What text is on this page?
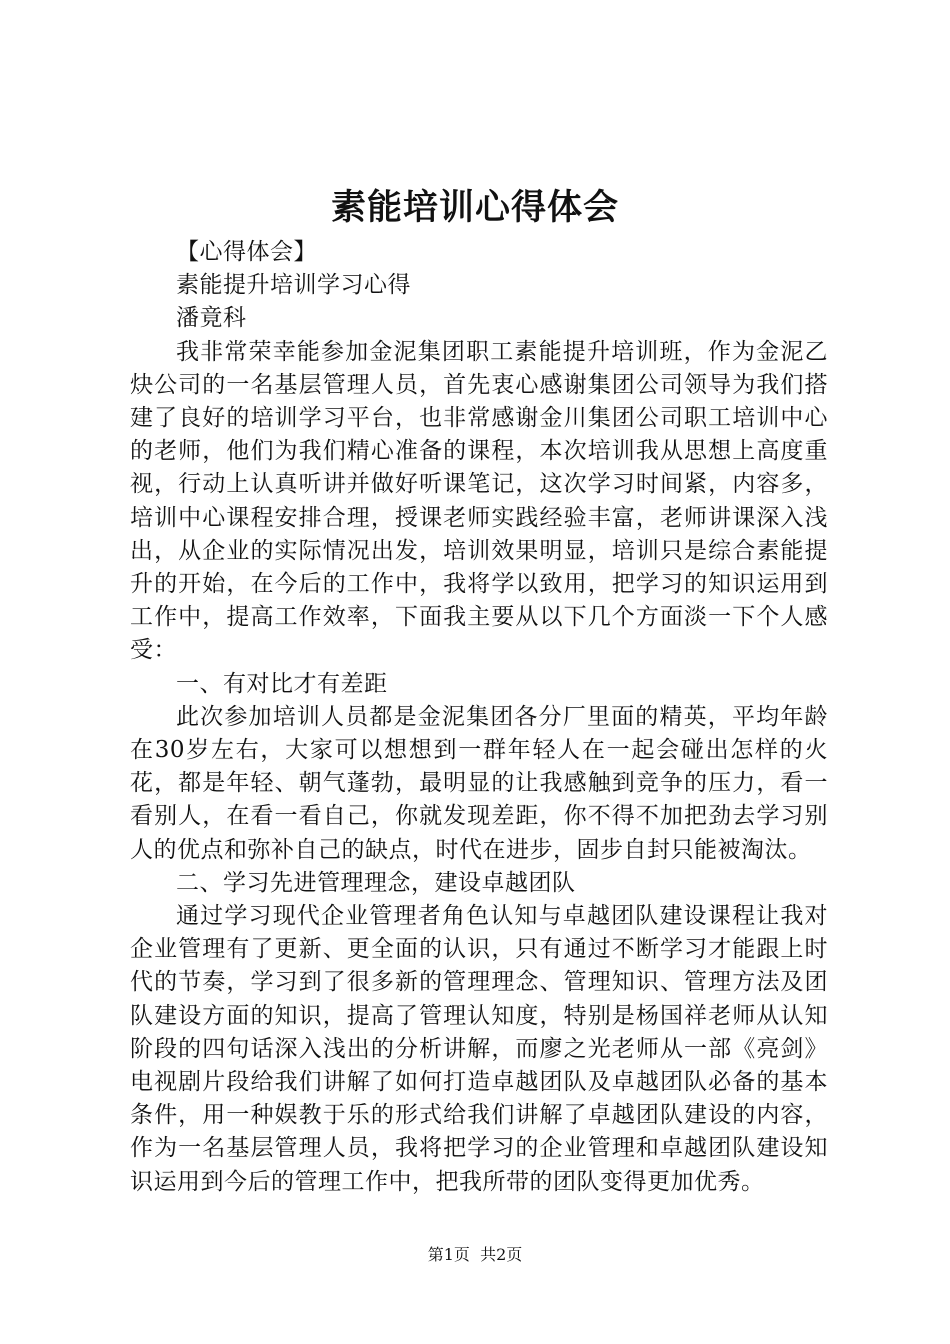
素能培训心得体会

【心得体会】

素能提升培训学习心得

潘竟科

我非常荣幸能参加金泥集团职工素能提升培训班，作为金泥乙炔公司的一名基层管理人员，首先衷心感谢集团公司领导为我们搭建了良好的培训学习平台，也非常感谢金川集团公司职工培训中心的老师，他们为我们精心准备的课程，本次培训我从思想上高度重视，行动上认真听讲并做好听课笔记，这次学习时间紧，内容多，培训中心课程安排合理，授课老师实践经验丰富，老师讲课深入浅出，从企业的实际情况出发，培训效果明显，培训只是综合素能提升的开始，在今后的工作中，我将学以致用，把学习的知识运用到工作中，提高工作效率，下面我主要从以下几个方面淡一下个人感受：

一、有对比才有差距

此次参加培训人员都是金泥集团各分厂里面的精英，平均年龄在30岁左右，大家可以想想到一群年轻人在一起会碰出怎样的火花，都是年轻、朝气蓬勃，最明显的让我感触到竞争的压力，看一看别人，在看一看自己，你就发现差距，你不得不加把劲去学习别人的优点和弥补自己的缺点，时代在进步，固步自封只能被淘汰。

二、学习先进管理理念，建设卓越团队

通过学习现代企业管理者角色认知与卓越团队建设课程让我对企业管理有了更新、更全面的认识，只有通过不断学习才能跟上时代的节奏，学习到了很多新的管理理念、管理知识、管理方法及团队建设方面的知识，提高了管理认知度，特别是杨国祥老师从认知阶段的四句话深入浅出的分析讲解，而廖之光老师从一部《亮剑》电视剧片段给我们讲解了如何打造卓越团队及卓越团队必备的基本条件，用一种娱教于乐的形式给我们讲解了卓越团队建设的内容，作为一名基层管理人员，我将把学习的企业管理和卓越团队建设知识运用到今后的管理工作中，把我所带的团队变得更加优秀。

第1页  共2页
